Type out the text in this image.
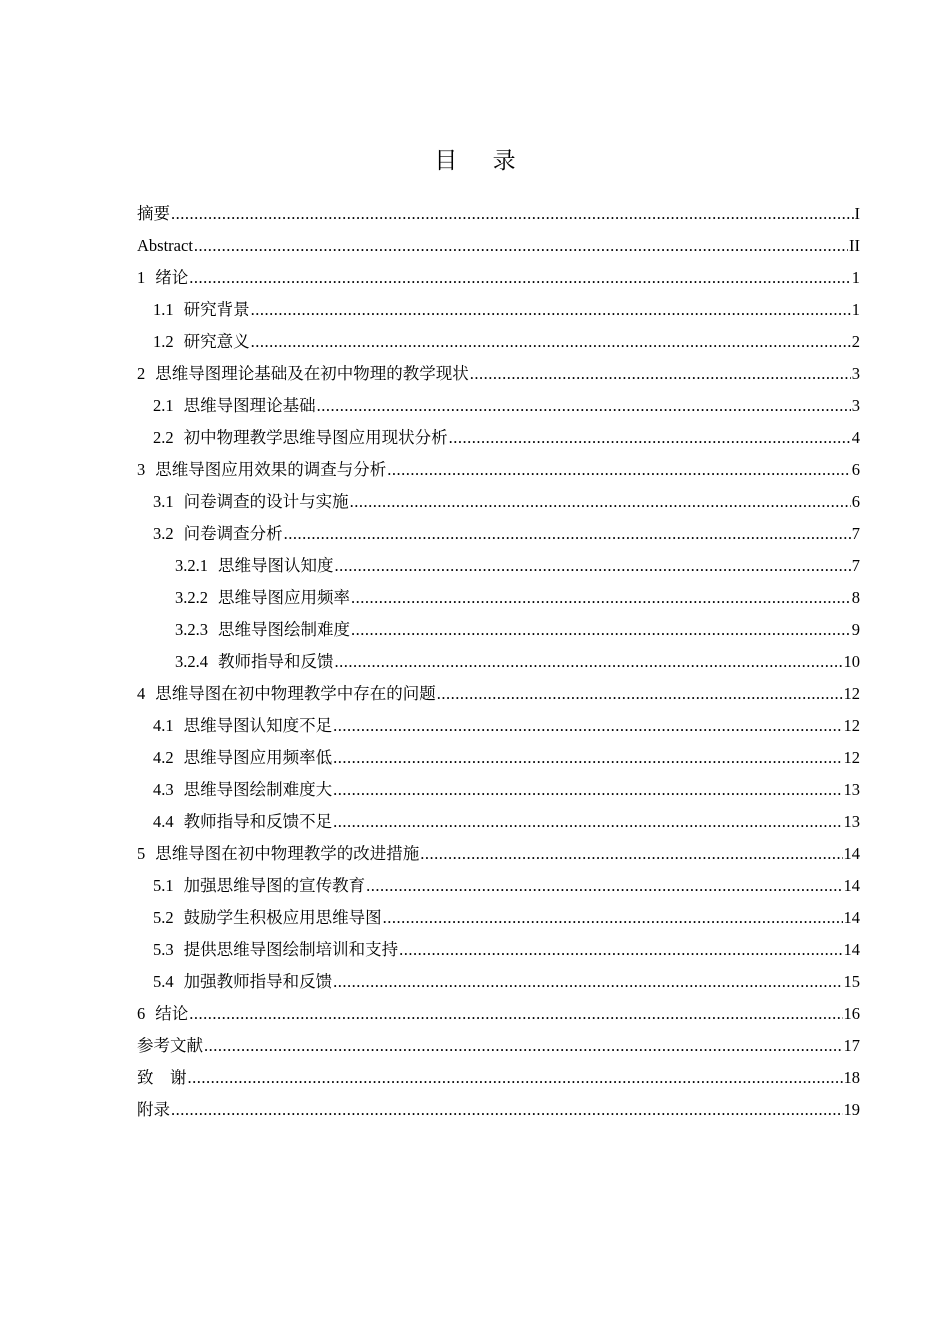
目 录
摘要 .....	I
Abstract .....	II
1 绪论 .....	1
1.1 研究背景 .....	1
1.2 研究意义 .....	2
2 思维导图理论基础及在初中物理的教学现状 .....	3
2.1 思维导图理论基础 .....	3
2.2 初中物理教学思维导图应用现状分析 .....	4
3 思维导图应用效果的调查与分析 .....	6
3.1 问卷调查的设计与实施 .....	6
3.2 问卷调查分析 .....	7
3.2.1 思维导图认知度 .....	7
3.2.2 思维导图应用频率 .....	8
3.2.3 思维导图绘制难度 .....	9
3.2.4 教师指导和反馈 .....	10
4 思维导图在初中物理教学中存在的问题 .....	12
4.1 思维导图认知度不足 .....	12
4.2 思维导图应用频率低 .....	12
4.3 思维导图绘制难度大 .....	13
4.4 教师指导和反馈不足 .....	13
5 思维导图在初中物理教学的改进措施 .....	14
5.1 加强思维导图的宣传教育 .....	14
5.2 鼓励学生积极应用思维导图 .....	14
5.3 提供思维导图绘制培训和支持 .....	14
5.4 加强教师指导和反馈 .....	15
6 结论 .....	16
参考文献 .....	17
致　谢 .....	18
附录 .....	19
